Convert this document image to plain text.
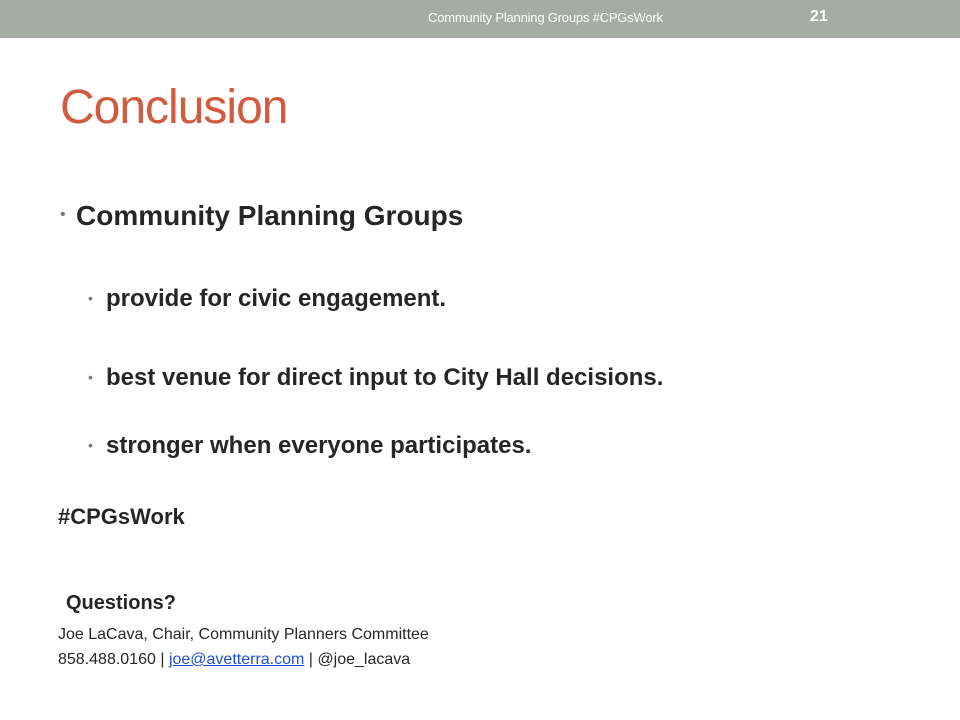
Community Planning Groups #CPGsWork	21
Conclusion
• Community Planning Groups
• provide for civic engagement.
• best venue for direct input to City Hall decisions.
• stronger when everyone participates.
#CPGsWork
Questions?
Joe LaCava, Chair, Community Planners Committee
858.488.0160 | joe@avetterra.com | @joe_lacava
